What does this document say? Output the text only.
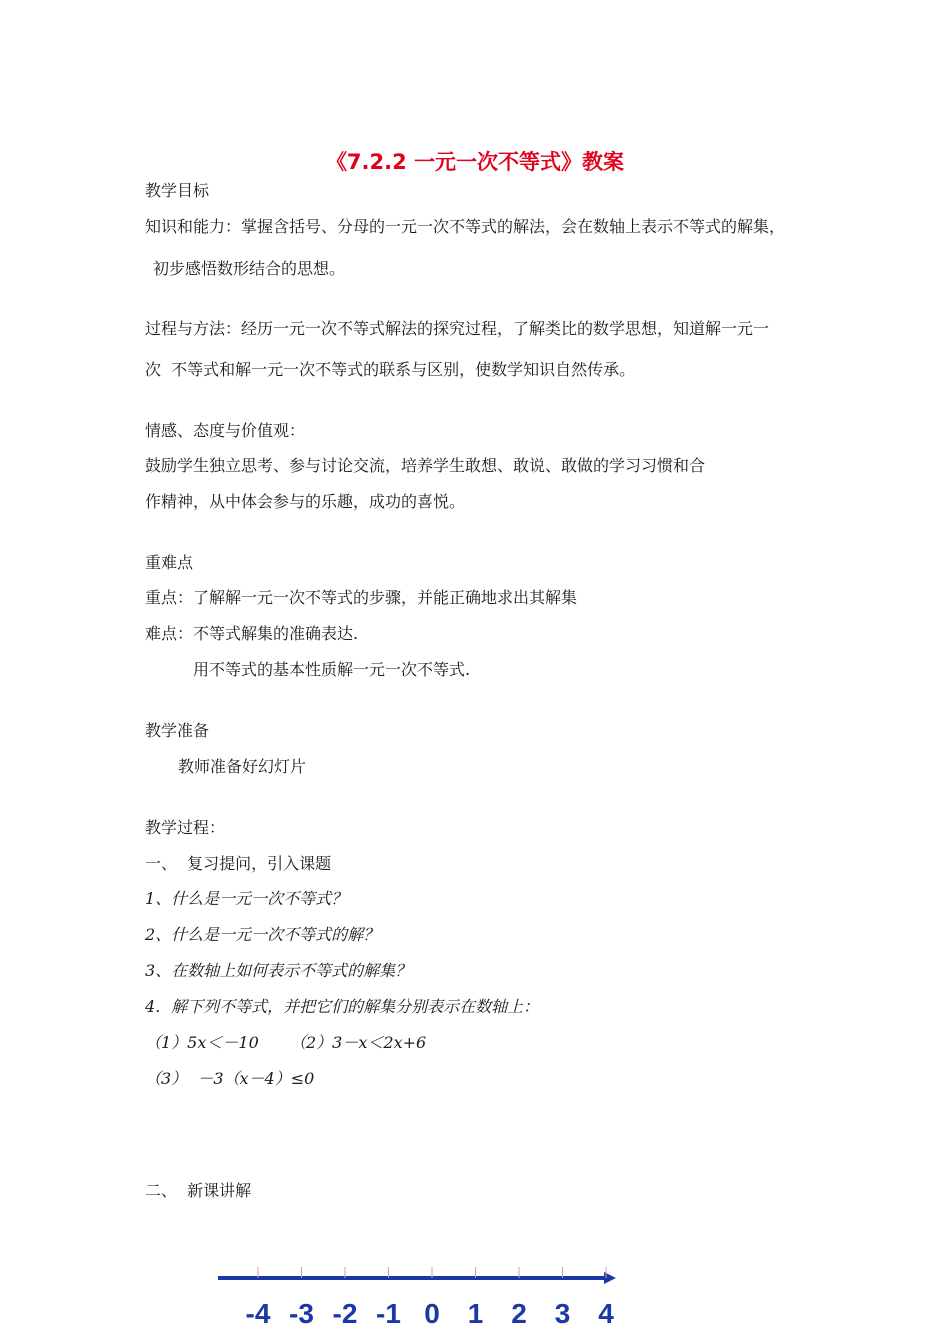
《7.2.2 一元一次不等式》教案
教学目标
知识和能力：掌握含括号、分母的一元一次不等式的解法，会在数轴上表示不等式的解集，
初步感悟数形结合的思想。
过程与方法：经历一元一次不等式解法的探究过程，了解类比的数学思想，知道解一元一
次  不等式和解一元一次不等式的联系与区别，使数学知识自然传承。
情感、态度与价值观：
鼓励学生独立思考、参与讨论交流，培养学生敢想、敢说、敢做的学习习惯和合
作精神，从中体会参与的乐趣，成功的喜悦。
重难点
重点：了解解一元一次不等式的步骤，并能正确地求出其解集
难点：不等式解集的准确表达.
用不等式的基本性质解一元一次不等式.
教学准备
教师准备好幻灯片
教学过程：
一、  复习提问，引入课题
1、什么是一元一次不等式？
2、什么是一元一次不等式的解？
3、在数轴上如何表示不等式的解集？
4．解下列不等式，并把它们的解集分别表示在数轴上：
（1）5x＜－10 （2）3－x＜2x+6
（3）  －3（x－4）≤0
二、  新课讲解
-4 -3 -2 -1 0 1 2 3 4
